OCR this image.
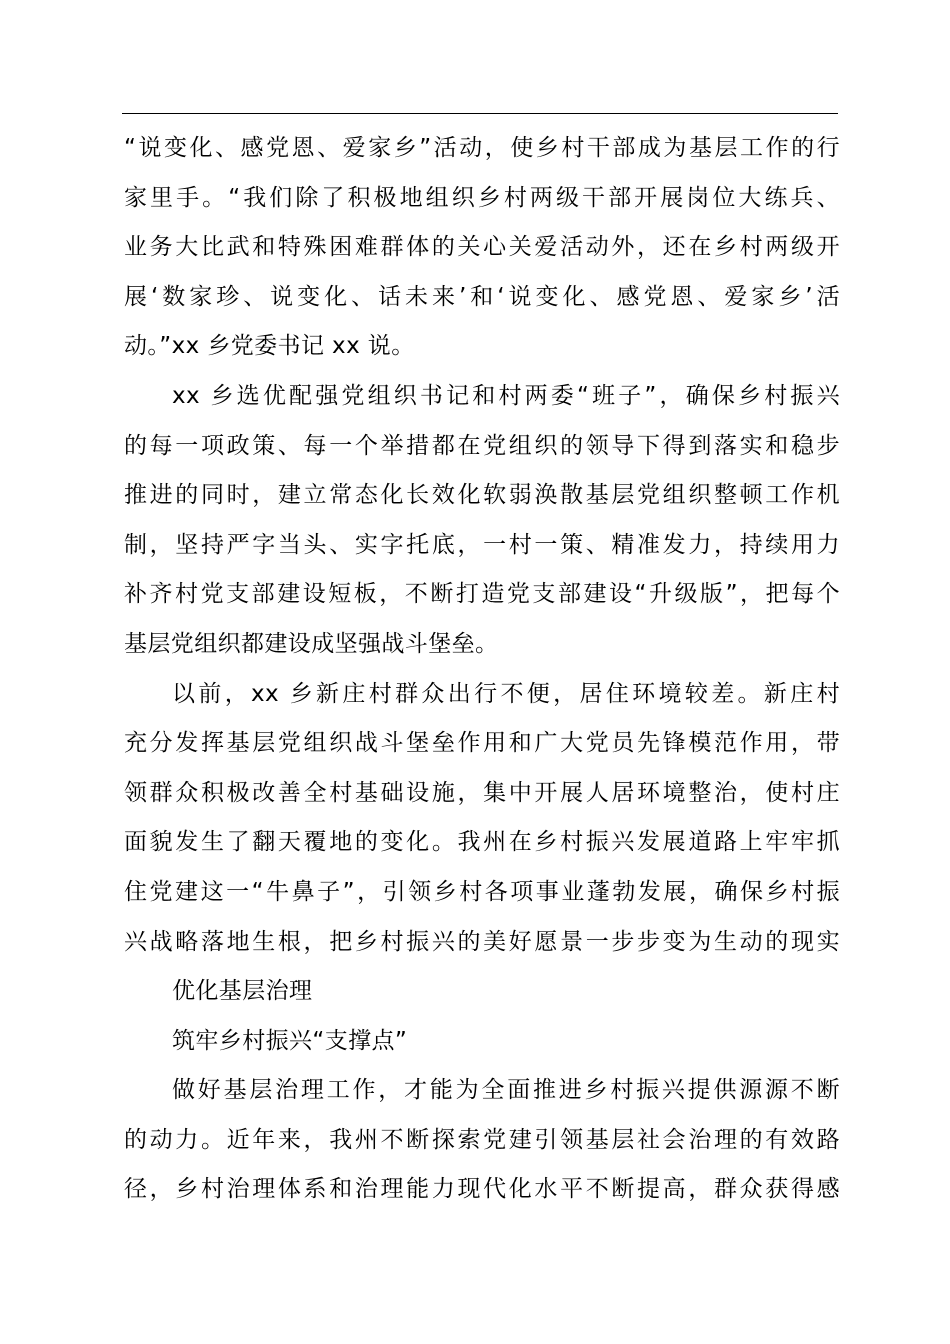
“说变化、感党恩、爱家乡”活动，使乡村干部成为基层工作的行
家里手。“我们除了积极地组织乡村两级干部开展岗位大练兵、
业务大比武和特殊困难群体的关心关爱活动外，还在乡村两级开
展‘数家珍、说变化、话未来’和‘说变化、感党恩、爱家乡’活
动。”xx 乡党委书记 xx 说。

xx 乡选优配强党组织书记和村两委“班子”，确保乡村振兴
的每一项政策、每一个举措都在党组织的领导下得到落实和稳步
推进的同时，建立常态化长效化软弱涣散基层党组织整顿工作机
制，坚持严字当头、实字托底，一村一策、精准发力，持续用力
补齐村党支部建设短板，不断打造党支部建设“升级版”，把每个
基层党组织都建设成坚强战斗堡垒。

以前，xx 乡新庄村群众出行不便，居住环境较差。新庄村
充分发挥基层党组织战斗堡垒作用和广大党员先锋模范作用，带
领群众积极改善全村基础设施，集中开展人居环境整治，使村庄
面貌发生了翻天覆地的变化。我州在乡村振兴发展道路上牢牢抓
住党建这一“牛鼻子”，引领乡村各项事业蓬勃发展，确保乡村振
兴战略落地生根，把乡村振兴的美好愿景一步步变为生动的现实

优化基层治理

筑牢乡村振兴“支撑点”

做好基层治理工作，才能为全面推进乡村振兴提供源源不断
的动力。近年来，我州不断探索党建引领基层社会治理的有效路
径，乡村治理体系和治理能力现代化水平不断提高，群众获得感
